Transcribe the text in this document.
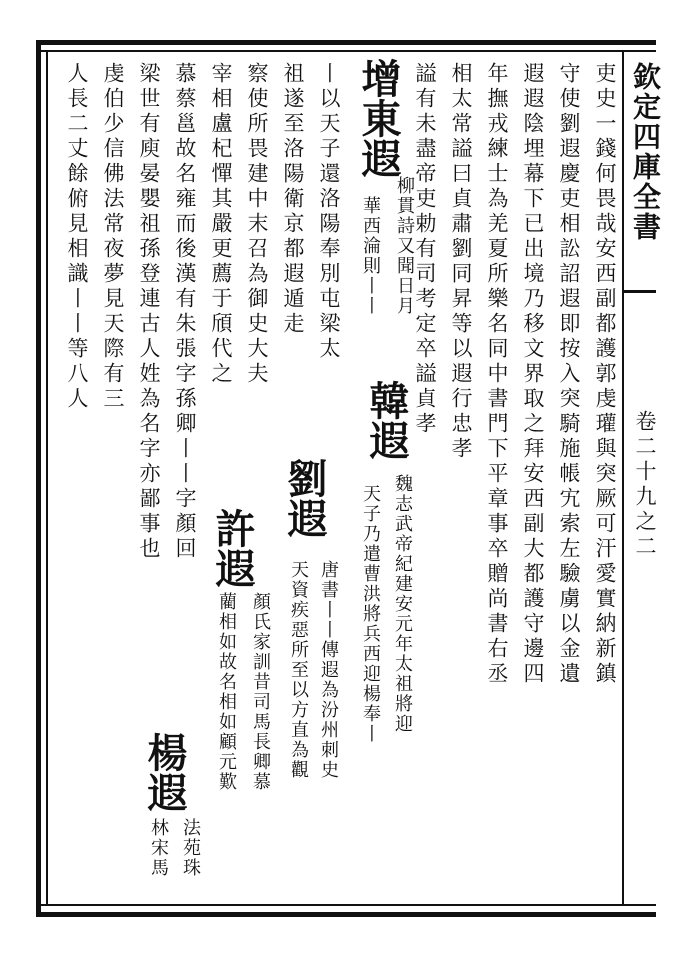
欽定四庫全書
卷二十九之二
吏史一錢何畏哉安西副都護郭虔瓘與突厥可汗愛實納新鎮
守使劉遐慶吏相訟詔遐即按入突騎施帳宄索左驗虜以金遺
遐遐陰埋幕下已出境乃移文界取之拜安西副大都護守邊四
年撫戎練士為羌夏所樂名同中書門下平章事卒贈尚書右丞
相太常謚曰貞肅劉同昇等以遐行忠孝
謚有未盡帝吏勅有司考定卒謚貞孝
增東遐
華西淪則丨丨 柳貫詩又聞日月
韓遐
魏志武帝紀建安元年太祖將迎
丨以天子還洛陽奉別屯梁太
天子乃遣曹洪將兵西迎楊奉丨
祖遂至洛陽衛京都遐遁走
劉遐
唐書丨丨傳遐為汾州刺史
天資疾惡所至以方直為觀
察使所畏建中末召為御史大夫
宰相盧杞憚其嚴更薦于頎代之
許遐
顏氏家訓昔司馬長卿慕
藺相如故名相如顧元歎
慕蔡邕故名雍而後漢有朱張字孫卿丨丨字顏回
梁世有庾晏嬰祖孫登連古人姓為名字亦鄙事也
楊遐
法苑珠
林宋馬
虔伯少信佛法常夜夢見天際有三
人長二丈餘俯見相識丨丨等八人
